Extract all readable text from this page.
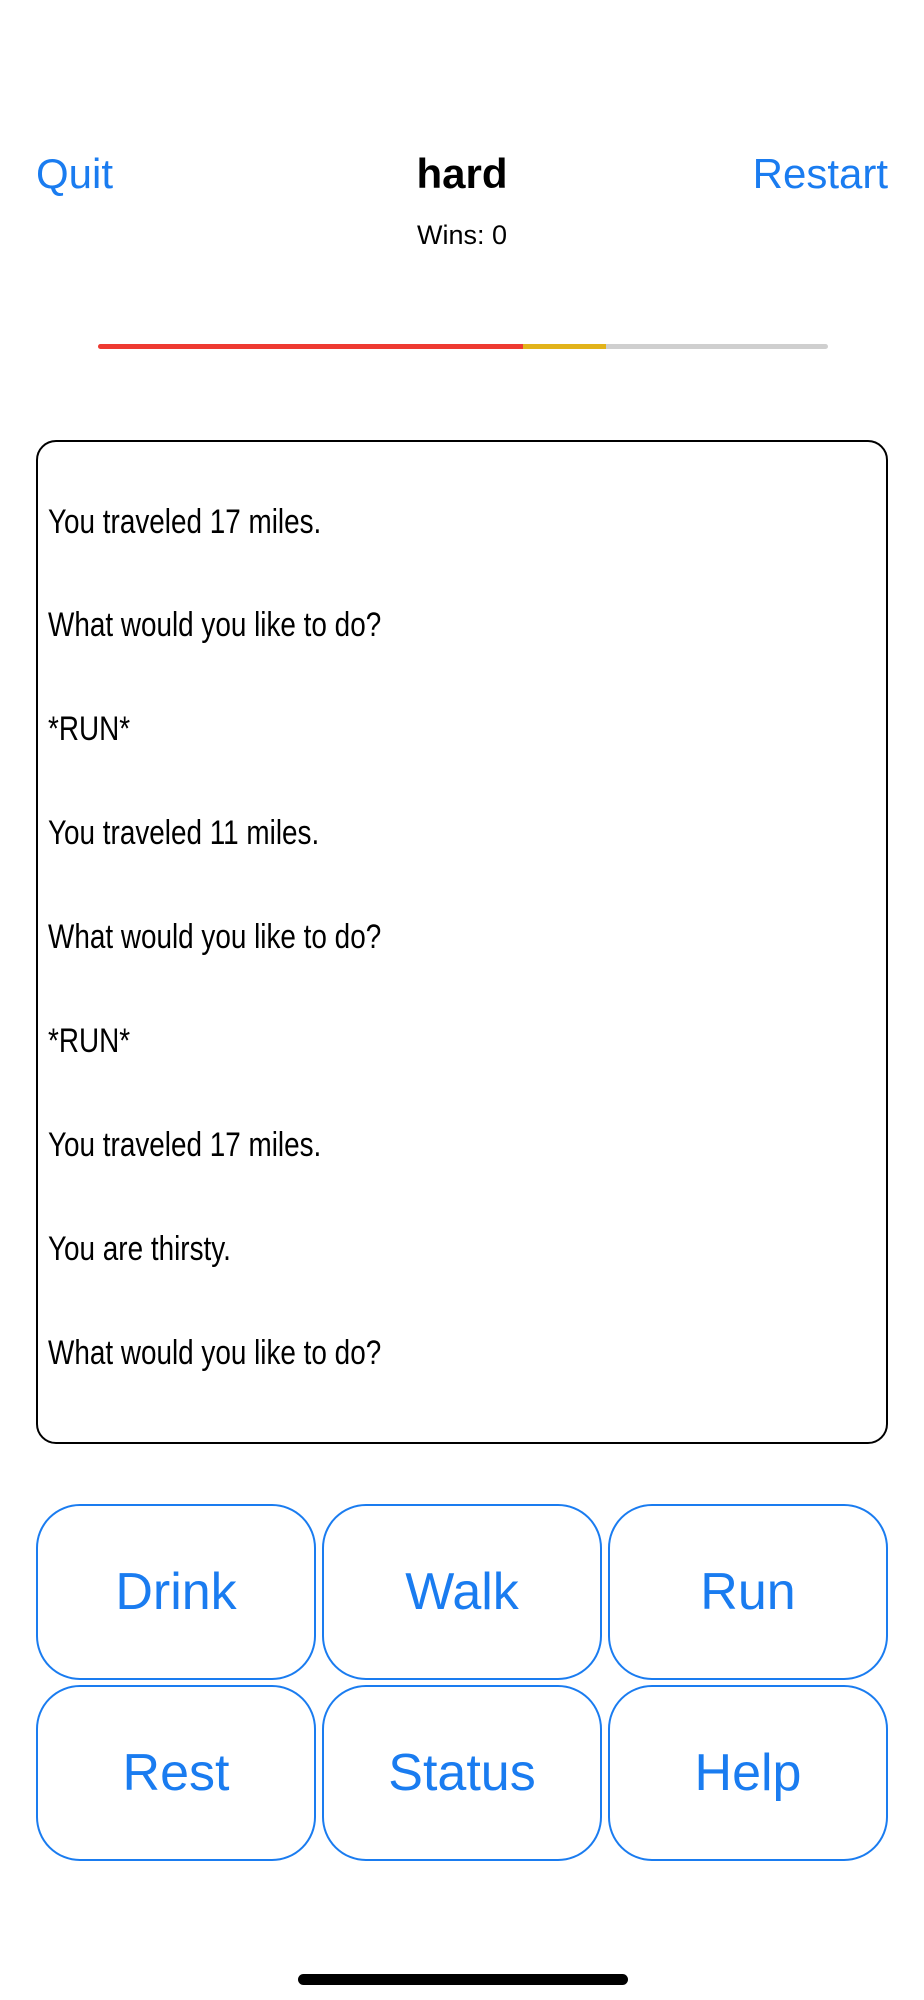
Quit	hard	Restart
Wins: 0
You traveled 17 miles.
What would you like to do?
*RUN*
You traveled 11 miles.
What would you like to do?
*RUN*
You traveled 17 miles.
You are thirsty.
What would you like to do?
Drink	Walk	Run
Rest	Status	Help
